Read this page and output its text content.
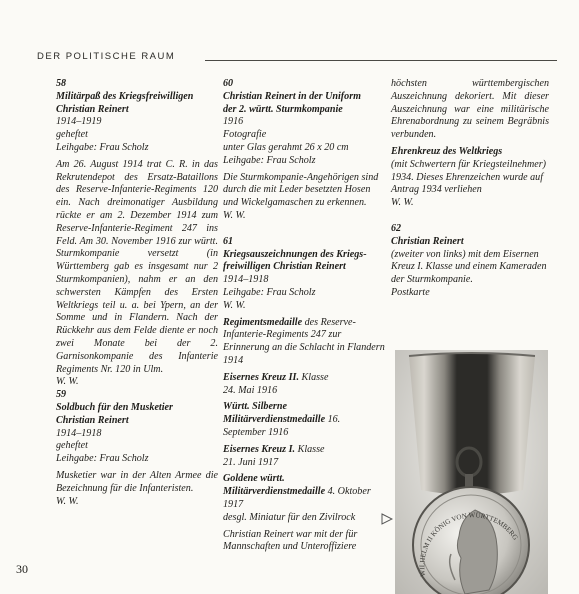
DER POLITISCHE RAUM

58

Militärpaß des Kriegsfreiwilligen

Christian Reinert

1914–1919

geheftet

Leihgabe: Frau Scholz

Am 26. August 1914 trat C. R. in das Rekrutendepot des Ersatz-Bataillons des Reserve-Infanterie-Regiments 120 ein. Nach dreimonatiger Ausbildung rückte er am 2. Dezember 1914 zum Reserve-Infanterie-Regiment 247 ins Feld. Am 30. November 1916 zur württ. Sturmkompanie versetzt (in Württemberg gab es insgesamt nur 2 Sturmkompanien), nahm er an den schwersten Kämpfen des Ersten Weltkriegs teil u. a. bei Ypern, an der Somme und in Flandern. Nach der Rückkehr aus dem Felde diente er noch zwei Monate bei der 2. Garnisonkompanie des Infanterie Regiments Nr. 120 in Ulm.

W. W.

59

Soldbuch für den Musketier

Christian Reinert

1914–1918

geheftet

Leihgabe: Frau Scholz

Musketier war in der Alten Armee die Bezeichnung für die Infanteristen.

W. W.

60

Christian Reinert in der Uniform

der 2. württ. Sturmkompanie

1916

Fotografie

unter Glas gerahmt 26 x 20 cm

Leihgabe: Frau Scholz

Die Sturmkompanie-Angehörigen sind durch die mit Leder besetzten Hosen und Wickelgamaschen zu erkennen.

W. W.

61

Kriegsauszeichnungen des Kriegs-

freiwilligen Christian Reinert

1914–1918

Leihgabe: Frau Scholz

W. W.

Regimentsmedaille des Reserve-Infanterie-Regiments 247 zur Erinnerung an die Schlacht in Flandern 1914

Eisernes Kreuz II. Klasse

24. Mai 1916

Württ. Silberne Militärverdienstmedaille 16. September 1916

Eisernes Kreuz I. Klasse

21. Juni 1917

Goldene württ. Militärverdienstmedaille 4. Oktober 1917

desgl. Miniatur für den Zivilrock

Christian Reinert war mit der für Mannschaften und Unteroffiziere

höchsten württembergischen Auszeichnung dekoriert. Mit dieser Auszeichnung war eine militärische Ehrenabordnung zu seinem Begräbnis verbunden.

Ehrenkreuz des Weltkriegs

(mit Schwertern für Kriegsteilnehmer)

1934. Dieses Ehrenzeichen wurde auf Antrag 1934 verliehen

W. W.

62

Christian Reinert

(zweiter von links) mit dem Eisernen Kreuz I. Klasse und einem Kameraden der Sturmkompanie.

Postkarte

30	WILHELM II KÖNIG VON WÜRTTEMBERG
